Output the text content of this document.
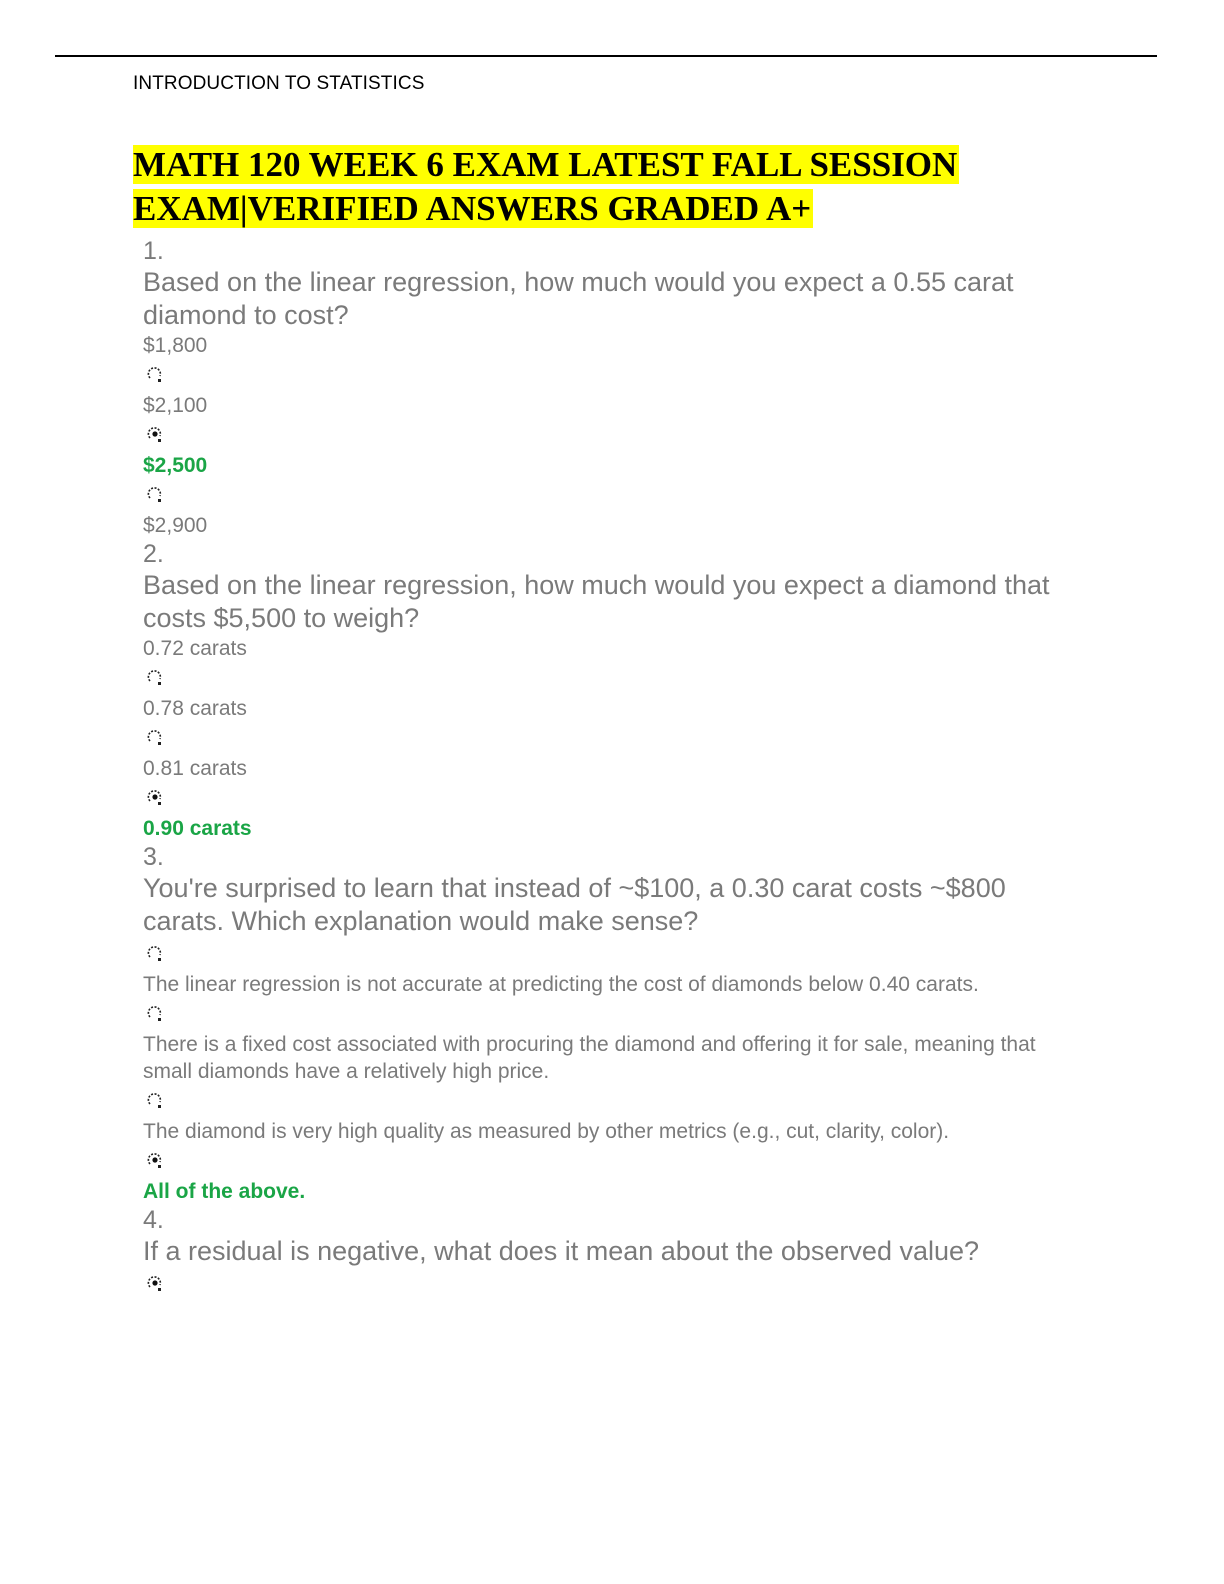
INTRODUCTION TO STATISTICS
MATH 120 WEEK 6 EXAM LATEST FALL SESSION
EXAM|VERIFIED ANSWERS GRADED A+
1.
Based on the linear regression, how much would you expect a 0.55 carat diamond to cost?
$1,800
$2,100
$2,500
$2,900
2.
Based on the linear regression, how much would you expect a diamond that costs $5,500 to weigh?
0.72 carats
0.78 carats
0.81 carats
0.90 carats
3.
You're surprised to learn that instead of ~$100, a 0.30 carat costs ~$800 carats. Which explanation would make sense?
The linear regression is not accurate at predicting the cost of diamonds below 0.40 carats.
There is a fixed cost associated with procuring the diamond and offering it for sale, meaning that small diamonds have a relatively high price.
The diamond is very high quality as measured by other metrics (e.g., cut, clarity, color).
All of the above.
4.
If a residual is negative, what does it mean about the observed value?
